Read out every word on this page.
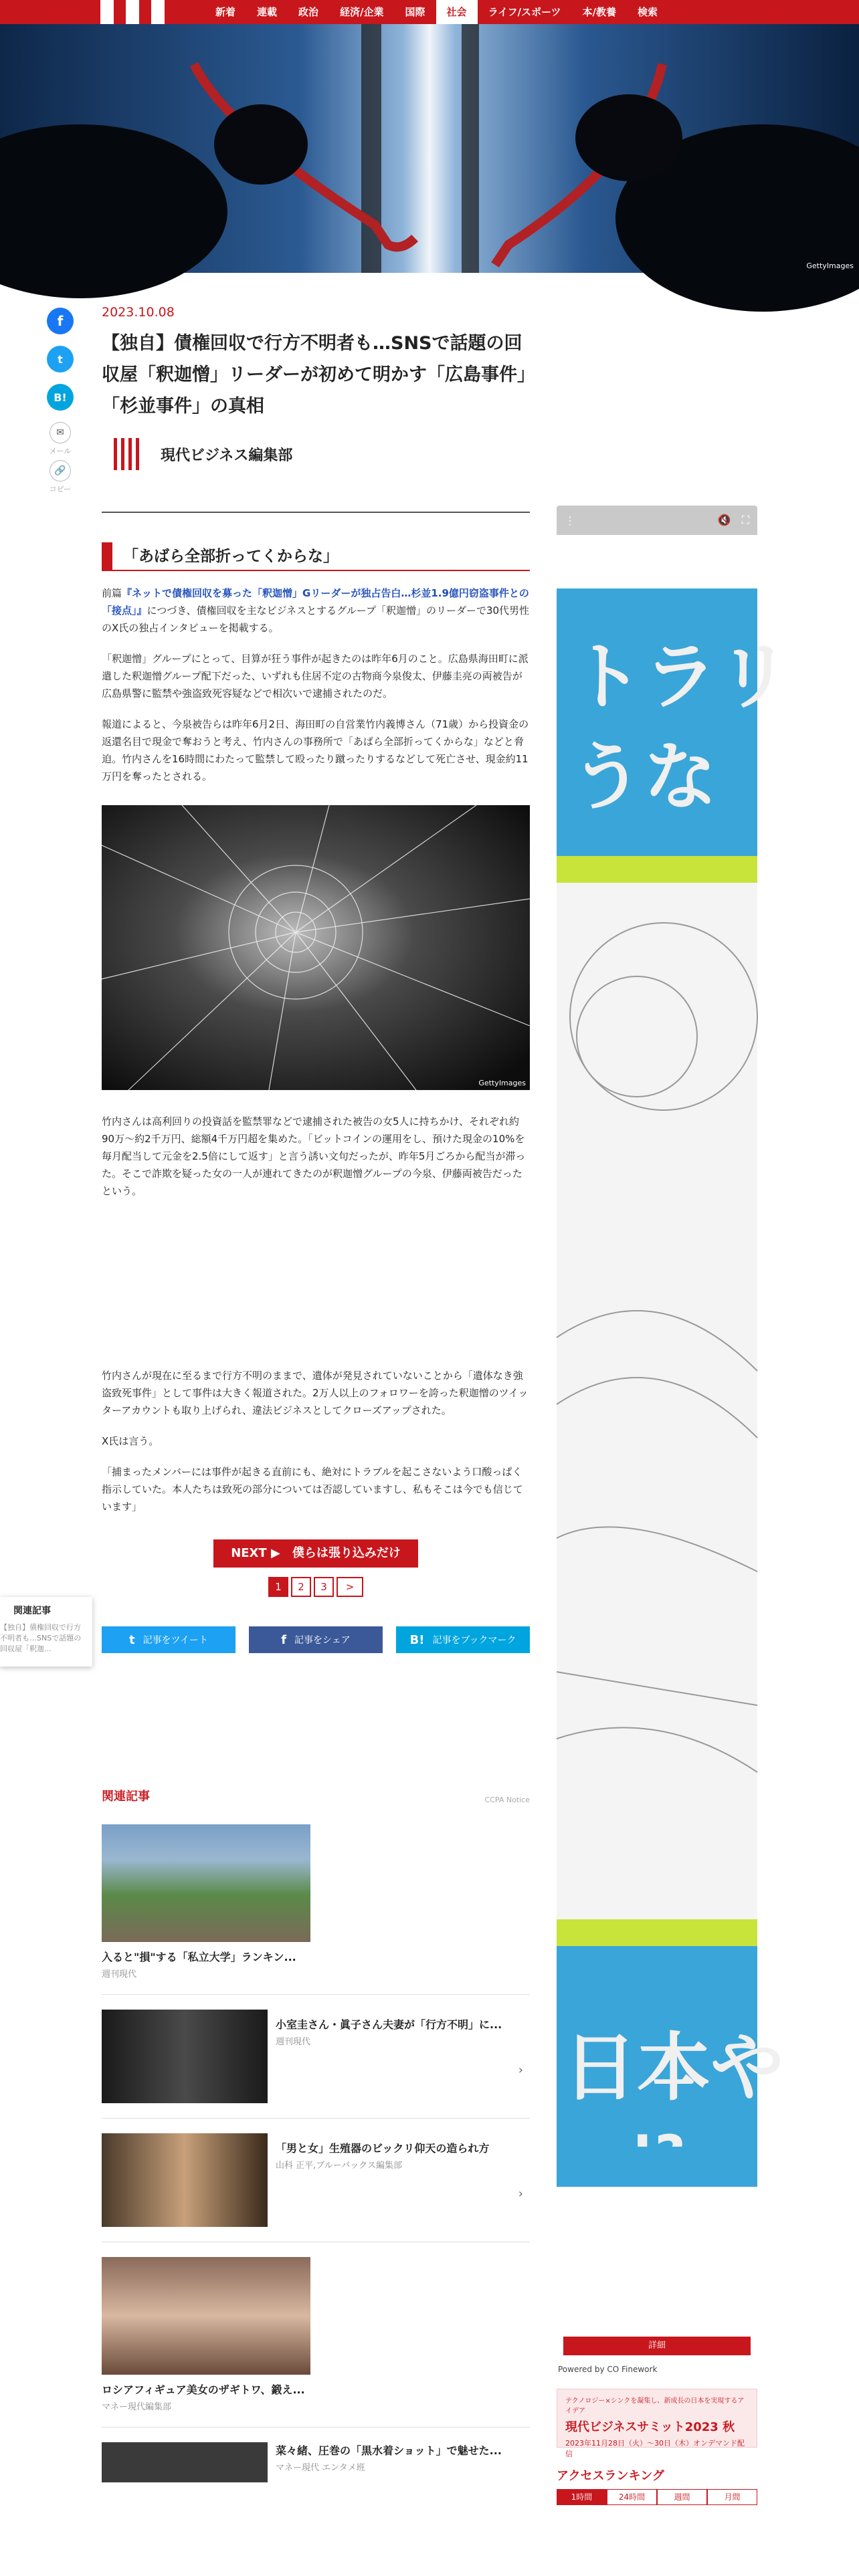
新着	連載	政治	経済/企業	国際	社会	ライフ/スポーツ	本/教養	検索
GettyImages
f
t
B!
✉
メール
🔗
コピー
2023.10.08
【独自】債権回収で行方不明者も…SNSで話題の回収屋「釈迦憎」リーダーが初めて明かす「広島事件」「杉並事件」の真相
現代ビジネス編集部
「あばら全部折ってくからな」

前篇『ネットで債権回収を募った「釈迦憎」Gリーダーが独占告白…杉並1.9億円窃盗事件との「接点」』につづき、債権回収を主なビジネスとするグループ「釈迦憎」のリーダーで30代男性のX氏の独占インタビューを掲載する。

「釈迦憎」グループにとって、目算が狂う事件が起きたのは昨年6月のこと。広島県海田町に派遣した釈迦憎グループ配下だった、いずれも住居不定の古物商今泉俊太、伊藤圭亮の両被告が広島県警に監禁や強盗致死容疑などで相次いで逮捕されたのだ。

報道によると、今泉被告らは昨年6月2日、海田町の自営業竹内義博さん（71歳）から投資金の返還名目で現金で奪おうと考え、竹内さんの事務所で「あばら全部折ってくからな」などと脅迫。竹内さんを16時間にわたって監禁して殴ったり蹴ったりするなどして死亡させ、現金約11万円を奪ったとされる。

GettyImages

竹内さんは高利回りの投資話を監禁罪などで逮捕された被告の女5人に持ちかけ、それぞれ約90万〜約2千万円、総額4千万円超を集めた。「ビットコインの運用をし、預けた現金の10%を毎月配当して元金を2.5倍にして返す」と言う誘い文句だったが、昨年5月ごろから配当が滞った。そこで詐欺を疑った女の一人が連れてきたのが釈迦憎グループの今泉、伊藤両被告だったという。

竹内さんが現在に至るまで行方不明のままで、遺体が発見されていないことから「遺体なき強盗致死事件」として事件は大きく報道された。2万人以上のフォロワーを誇った釈迦憎のツイッターアカウントも取り上げられ、違法ビジネスとしてクローズアップされた。

X氏は言う。

「捕まったメンバーには事件が起きる直前にも、絶対にトラブルを起こさないよう口酸っぱく指示していた。本人たちは致死の部分については否認していますし、私もそこは今でも信じています」

NEXT ▶　僕らは張り込みだけ
1	2	3	>
t 記事をツイート	f 記事をシェア	B! 記事をブックマーク
関連記事	CCPA Notice
入ると"損"する「私立大学」ランキン...
週刊現代
小室圭さん・眞子さん夫妻が「行方不明」に...
週刊現代
›
「男と女」生殖器のビックリ仰天の造られ方
山科 正平,ブルーバックス編集部
›
ロシアフィギュア美女のザギトワ、鍛え...
マネー現代編集部
菜々緒、圧巻の「黒水着ショット」で魅せた...
マネー現代 エンタメ班
⋮	🔇 ⛶
トラリ
うな
日本や
詳細
Powered by CO Finework
テクノロジー×シンクを凝集し、新成長の日本を実現するアイデア
現代ビジネスサミット2023 秋
2023年11月28日（火）〜30日（木）オンデマンド配信
アクセスランキング
1時間	24時間	週間	月間
関連記事
【独自】債権回収で行方不明者も…SNSで話題の回収屋「釈迦...
